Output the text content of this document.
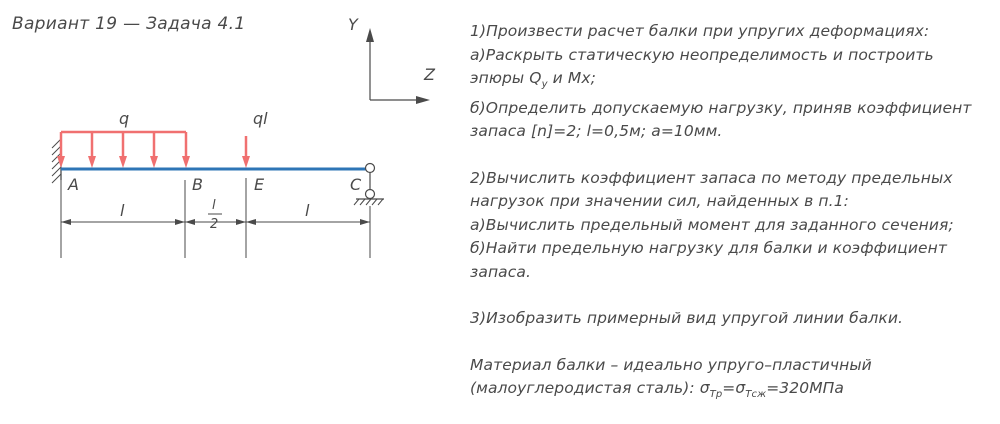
Вариант 19 — Задача 4.1	Y
Z
q	ql
A	B	E	C
l	l
2
l
1)Произвести расчет балки при упругих деформациях:
а)Раскрыть статическую неопределимость и построить
эпюры $Q_y$ и Mx;
б)Определить допускаемую нагрузку, приняв коэффициент
запаса [n]=2; l=0,5м; a=10мм.
2)Вычислить коэффициент запаса по методу предельных
нагрузок при значении сил, найденных в п.1:
а)Вычислить предельный момент для заданного сечения;
б)Найти предельную нагрузку для балки и коэффициент
запаса.
3)Изобразить примерный вид упругой линии балки.
Материал балки – идеально упруго–пластичный
(малоуглеродистая сталь): $\sigma_{Тр}=\sigma_{Тсж}=320МПа$
